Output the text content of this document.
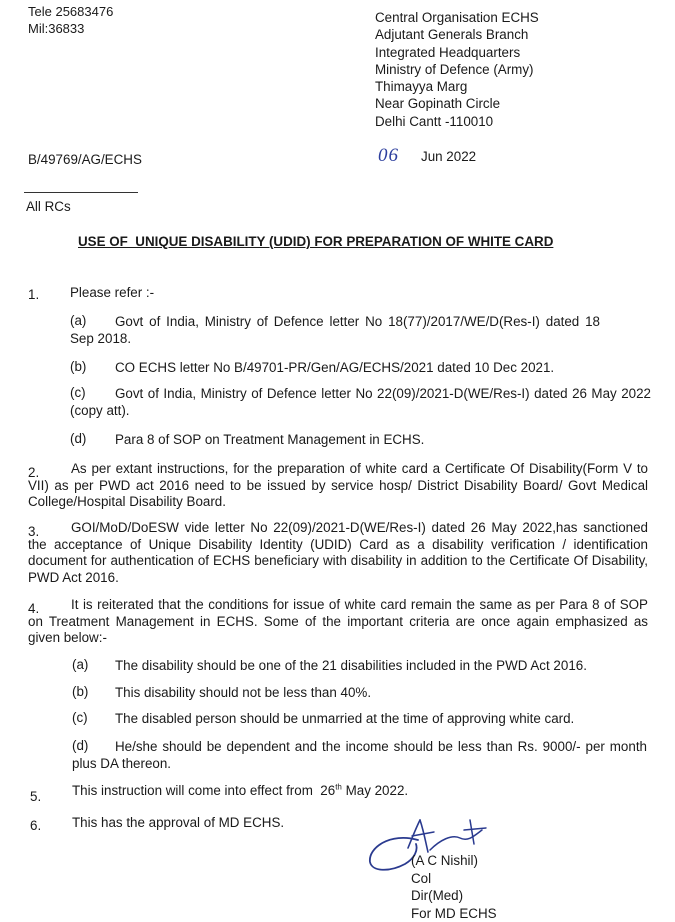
Tele 25683476
Mil:36833
Central Organisation ECHS
Adjutant Generals Branch
Integrated Headquarters
Ministry of Defence (Army)
Thimayya Marg
Near Gopinath Circle
Delhi Cantt -110010
B/49769/AG/ECHS	06 Jun 2022
All RCs
USE OF  UNIQUE DISABILITY (UDID) FOR PREPARATION OF WHITE CARD
1. Please refer :-
(a)	Govt of India, Ministry of Defence letter No 18(77)/2017/WE/D(Res-I) dated 18 Sep 2018.
(b)	CO ECHS letter No B/49701-PR/Gen/AG/ECHS/2021 dated 10 Dec 2021.
(c)	Govt of India, Ministry of Defence letter No 22(09)/2021-D(WE/Res-I) dated 26 May 2022 (copy att).
(d)	Para 8 of SOP on Treatment Management in ECHS.
2.	As per extant instructions, for the preparation of white card a Certificate Of Disability(Form V to VII) as per PWD act 2016 need to be issued by service hosp/ District Disability Board/ Govt Medical College/Hospital Disability Board.
3.	GOI/MoD/DoESW vide letter No 22(09)/2021-D(WE/Res-I) dated 26 May 2022,has sanctioned the acceptance of Unique Disability Identity (UDID) Card as a disability verification / identification document for authentication of ECHS beneficiary with disability in addition to the Certificate Of Disability, PWD Act 2016.
4.	It is reiterated that the conditions for issue of white card remain the same as per Para 8 of SOP on Treatment Management in ECHS. Some of the important criteria are once again emphasized as given below:-
(a)	The disability should be one of the 21 disabilities included in the PWD Act 2016.
(b)	This disability should not be less than 40%.
(c)	The disabled person should be unmarried at the time of approving white card.
(d)	He/she should be dependent and the income should be less than Rs. 9000/- per month plus DA thereon.
5. This instruction will come into effect from  26th May 2022.
6. This has the approval of MD ECHS.
(A C Nishil)
Col
Dir(Med)
For MD ECHS
